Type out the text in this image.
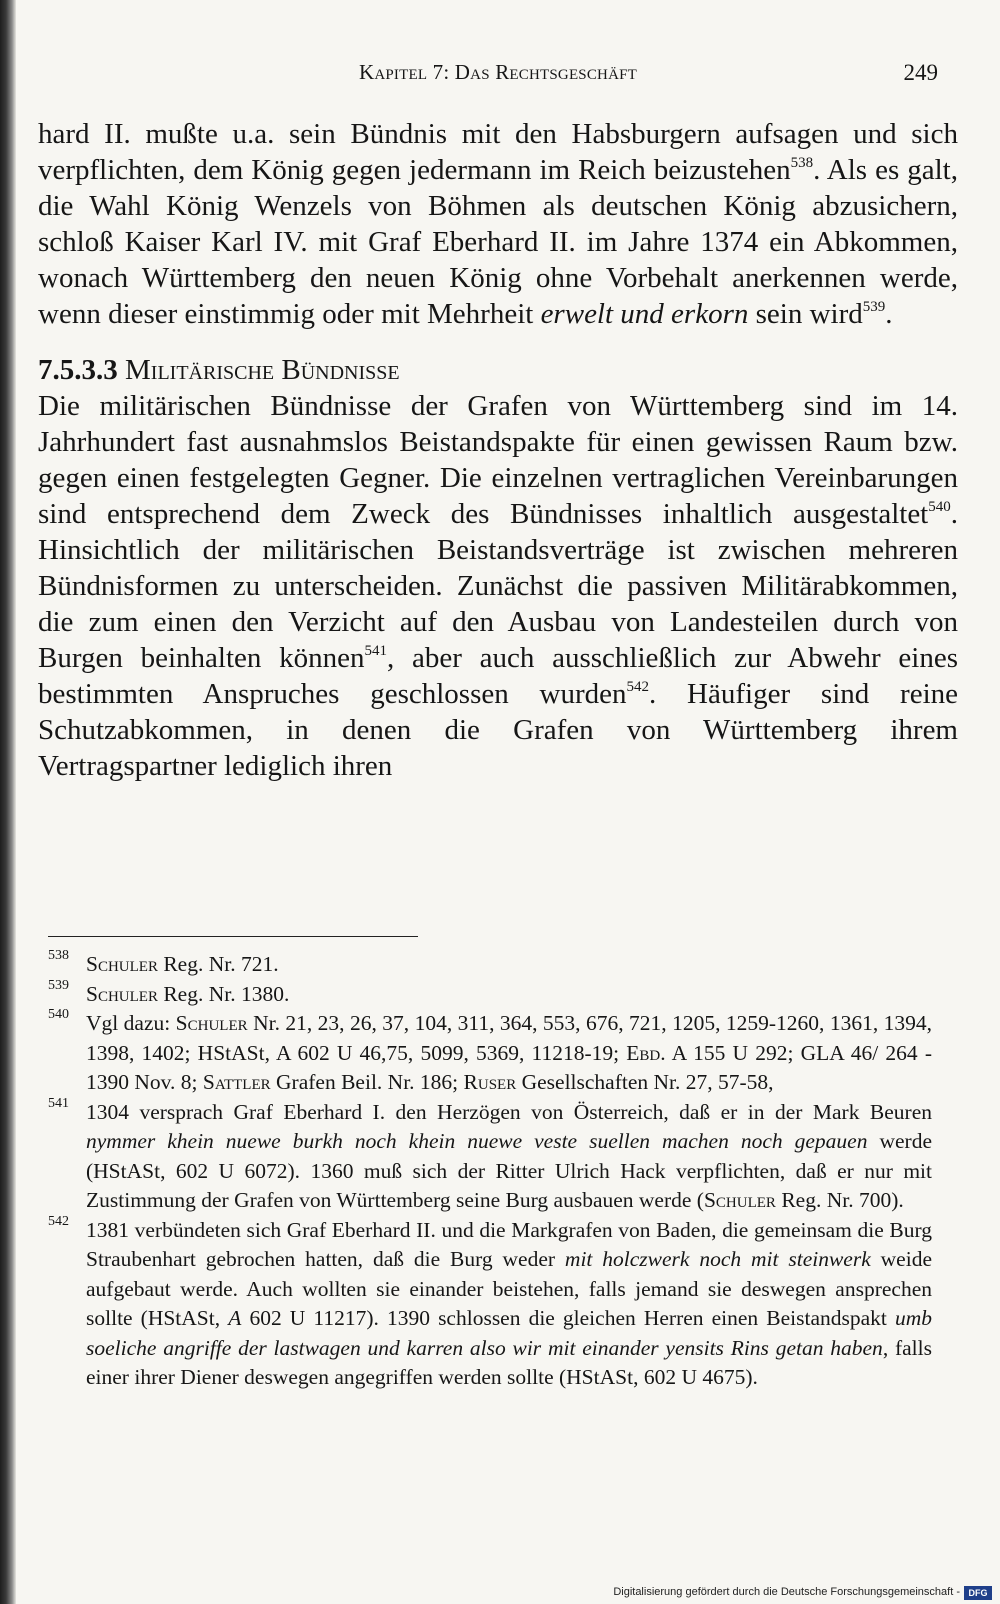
Kapitel 7: Das Rechtsgeschäft	249

hard II. mußte u.a. sein Bündnis mit den Habsburgern aufsagen und sich verpflichten, dem König gegen jedermann im Reich beizustehen$^{538}$. Als es galt, die Wahl König Wenzels von Böhmen als deutschen König abzusichern, schloß Kaiser Karl IV. mit Graf Eberhard II. im Jahre 1374 ein Abkommen, wonach Württemberg den neuen König ohne Vorbehalt anerkennen werde, wenn dieser einstimmig oder mit Mehrheit erwelt und erkorn sein wird$^{539}$.

7.5.3.3 Militärische Bündnisse

Die militärischen Bündnisse der Grafen von Württemberg sind im 14. Jahrhundert fast ausnahmslos Beistandspakte für einen gewissen Raum bzw. gegen einen festgelegten Gegner. Die einzelnen vertraglichen Vereinbarungen sind entsprechend dem Zweck des Bündnisses inhaltlich ausgestaltet$^{540}$. Hinsichtlich der militärischen Beistandsverträge ist zwischen mehreren Bündnisformen zu unterscheiden. Zunächst die passiven Militärabkommen, die zum einen den Verzicht auf den Ausbau von Landesteilen durch von Burgen beinhalten können$^{541}$, aber auch ausschließlich zur Abwehr eines bestimmten Anspruches geschlossen wurden$^{542}$. Häufiger sind reine Schutzabkommen, in denen die Grafen von Württemberg ihrem Vertragspartner lediglich ihren

538 Schuler Reg. Nr. 721.
539 Schuler Reg. Nr. 1380.
540 Vgl dazu: Schuler Nr. 21, 23, 26, 37, 104, 311, 364, 553, 676, 721, 1205, 1259-1260, 1361, 1394, 1398, 1402; HStASt, A 602 U 46,75, 5099, 5369, 11218-19; Ebd. A 155 U 292; GLA 46/ 264 - 1390 Nov. 8; Sattler Grafen Beil. Nr. 186; Ruser Gesellschaften Nr. 27, 57-58,
541 1304 versprach Graf Eberhard I. den Herzögen von Österreich, daß er in der Mark Beuren nymmer khein nuewe burkh noch khein nuewe veste suellen machen noch gepauen werde (HStASt, 602 U 6072). 1360 muß sich der Ritter Ulrich Hack verpflichten, daß er nur mit Zustimmung der Grafen von Württemberg seine Burg ausbauen werde (Schuler Reg. Nr. 700).
542 1381 verbündeten sich Graf Eberhard II. und die Markgrafen von Baden, die gemeinsam die Burg Straubenhart gebrochen hatten, daß die Burg weder mit holczwerk noch mit steinwerk weide aufgebaut werde. Auch wollten sie einander beistehen, falls jemand sie deswegen ansprechen sollte (HStASt, A 602 U 11217). 1390 schlossen die gleichen Herren einen Beistandspakt umb soeliche angriffe der lastwagen und karren also wir mit einander yensits Rins getan haben, falls einer ihrer Diener deswegen angegriffen werden sollte (HStASt, 602 U 4675).
Digitalisierung gefördert durch die Deutsche Forschungsgemeinschaft - DFG
